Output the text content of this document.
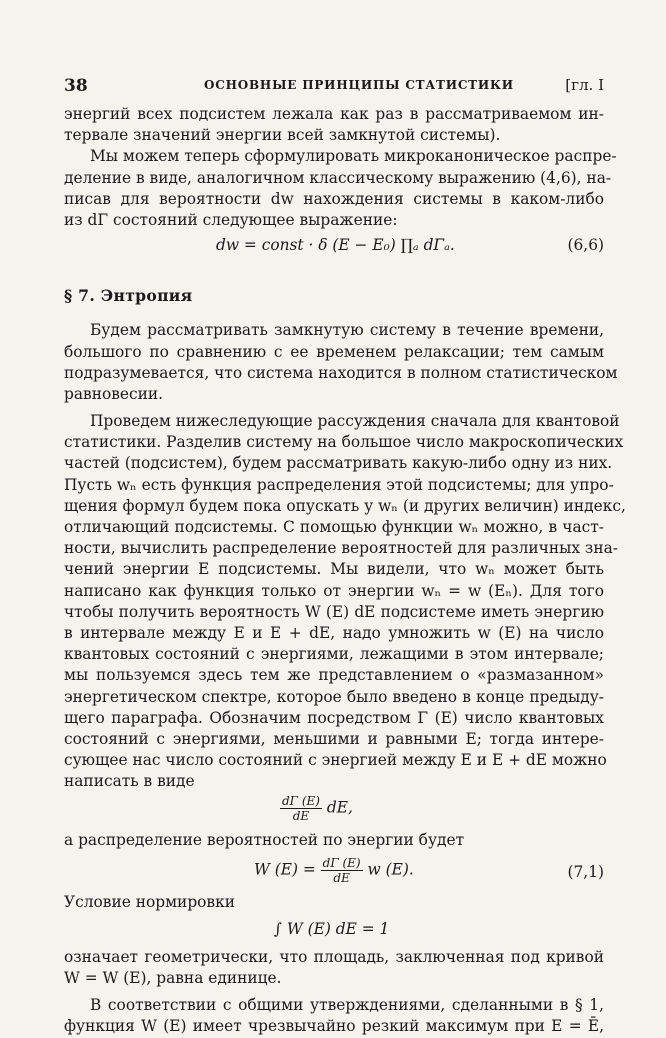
38	ОСНОВНЫЕ ПРИНЦИПЫ СТАТИСТИКИ	[гл. I
энергий всех подсистем лежала как раз в рассматриваемом ин-
тервале значений энергии всей замкнутой системы).
Мы можем теперь сформулировать микроканоническое распре-
деление в виде, аналогичном классическому выражению (4,6), на-
писав для вероятности dw нахождения системы в каком-либо
из dΓ состояний следующее выражение:
dw = const · δ (E − E₀) ∏ₐ dΓₐ.	(6,6)
§ 7. Энтропия
Будем рассматривать замкнутую систему в течение времени,
большого по сравнению с ее временем релаксации; тем самым
подразумевается, что система находится в полном статистическом
равновесии.
Проведем нижеследующие рассуждения сначала для квантовой
статистики. Разделив систему на большое число макроскопических
частей (подсистем), будем рассматривать какую-либо одну из них.
Пусть wₙ есть функция распределения этой подсистемы; для упро-
щения формул будем пока опускать у wₙ (и других величин) индекс,
отличающий подсистемы. С помощью функции wₙ можно, в част-
ности, вычислить распределение вероятностей для различных зна-
чений энергии E подсистемы. Мы видели, что wₙ может быть
написано как функция только от энергии wₙ = w (Eₙ). Для того
чтобы получить вероятность W (E) dE подсистеме иметь энергию
в интервале между E и E + dE, надо умножить w (E) на число
квантовых состояний с энергиями, лежащими в этом интервале;
мы пользуемся здесь тем же представлением о «размазанном»
энергетическом спектре, которое было введено в конце предыду-
щего параграфа. Обозначим посредством Γ (E) число квантовых
состояний с энергиями, меньшими и равными E; тогда интере-
сующее нас число состояний с энергией между E и E + dE можно
написать в виде
$\frac{d\Gamma (E)}{dE}$ dE,
а распределение вероятностей по энергии будет
W $(E) = \frac{d\Gamma (E)}{dE}$ w (E).	(7,1)
Условие нормировки
∫ W (E) dE = 1
означает геометрически, что площадь, заключенная под кривой
W = W (E), равна единице.
В соответствии с общими утверждениями, сделанными в § 1,
функция W (E) имеет чрезвычайно резкий максимум при E = Ē,
